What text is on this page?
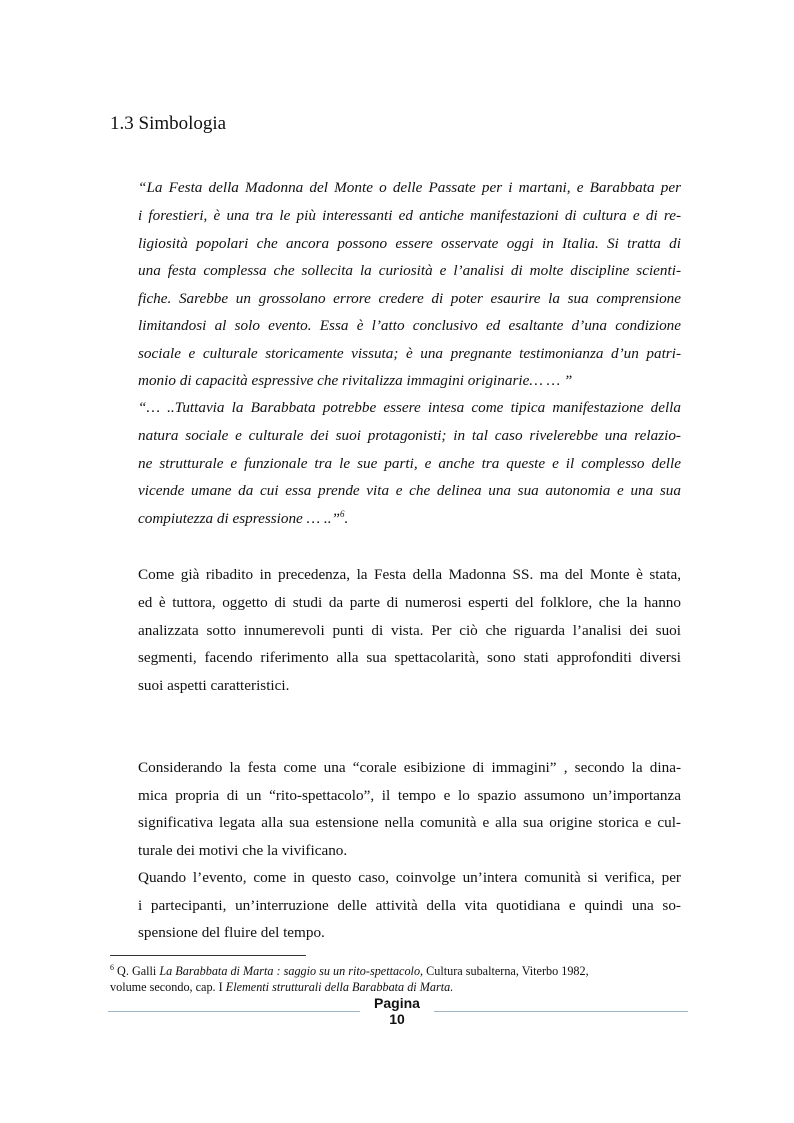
1.3 Simbologia
“La Festa della Madonna del Monte o delle Passate per i martani, e Barabbata per
i forestieri, è una tra le più interessanti ed antiche manifestazioni di cultura e di re-
ligiosità popolari che ancora possono essere osservate oggi in Italia. Si tratta di
una festa complessa che sollecita la curiosità e l’analisi di molte discipline scienti-
fiche. Sarebbe un grossolano errore credere di poter esaurire la sua comprensione
limitandosi al solo evento. Essa è l’atto conclusivo ed esaltante d’una condizione
sociale e culturale storicamente vissuta; è una pregnante testimonianza d’un patri-
monio di capacità espressive che rivitalizza immagini originarie… … ”
“… ..Tuttavia la Barabbata potrebbe essere intesa come tipica manifestazione della
natura sociale e culturale dei suoi protagonisti; in tal caso rivelerebbe una relazio-
ne strutturale e funzionale tra le sue parti, e anche tra queste e il complesso delle
vicende umane da cui essa prende vita e che delinea una sua autonomia e una sua
compiutezza di espressione … ..”$^6$.
Come già ribadito in precedenza, la Festa della Madonna SS. ma del Monte è stata,
ed è tuttora, oggetto di studi da parte di numerosi esperti del folklore, che la hanno
analizzata sotto innumerevoli punti di vista. Per ciò che riguarda l’analisi dei suoi
segmenti, facendo riferimento alla sua spettacolarità, sono stati approfonditi diversi
suoi aspetti caratteristici.
Considerando la festa come una “corale esibizione di immagini” , secondo la dina-
mica propria di un “rito-spettacolo”, il tempo e lo spazio assumono un’importanza
significativa legata alla sua estensione nella comunità e alla sua origine storica e cul-
turale dei motivi che la vivificano.
Quando l’evento, come in questo caso, coinvolge un’intera comunità si verifica, per
i partecipanti, un’interruzione delle attività della vita quotidiana e quindi una so-
spensione del fluire del tempo.
$^6$ Q. Galli La Barabbata di Marta : saggio su un rito-spettacolo, Cultura subalterna, Viterbo 1982,
volume secondo, cap. I Elementi strutturali della Barabbata di Marta.
Pagina
10
